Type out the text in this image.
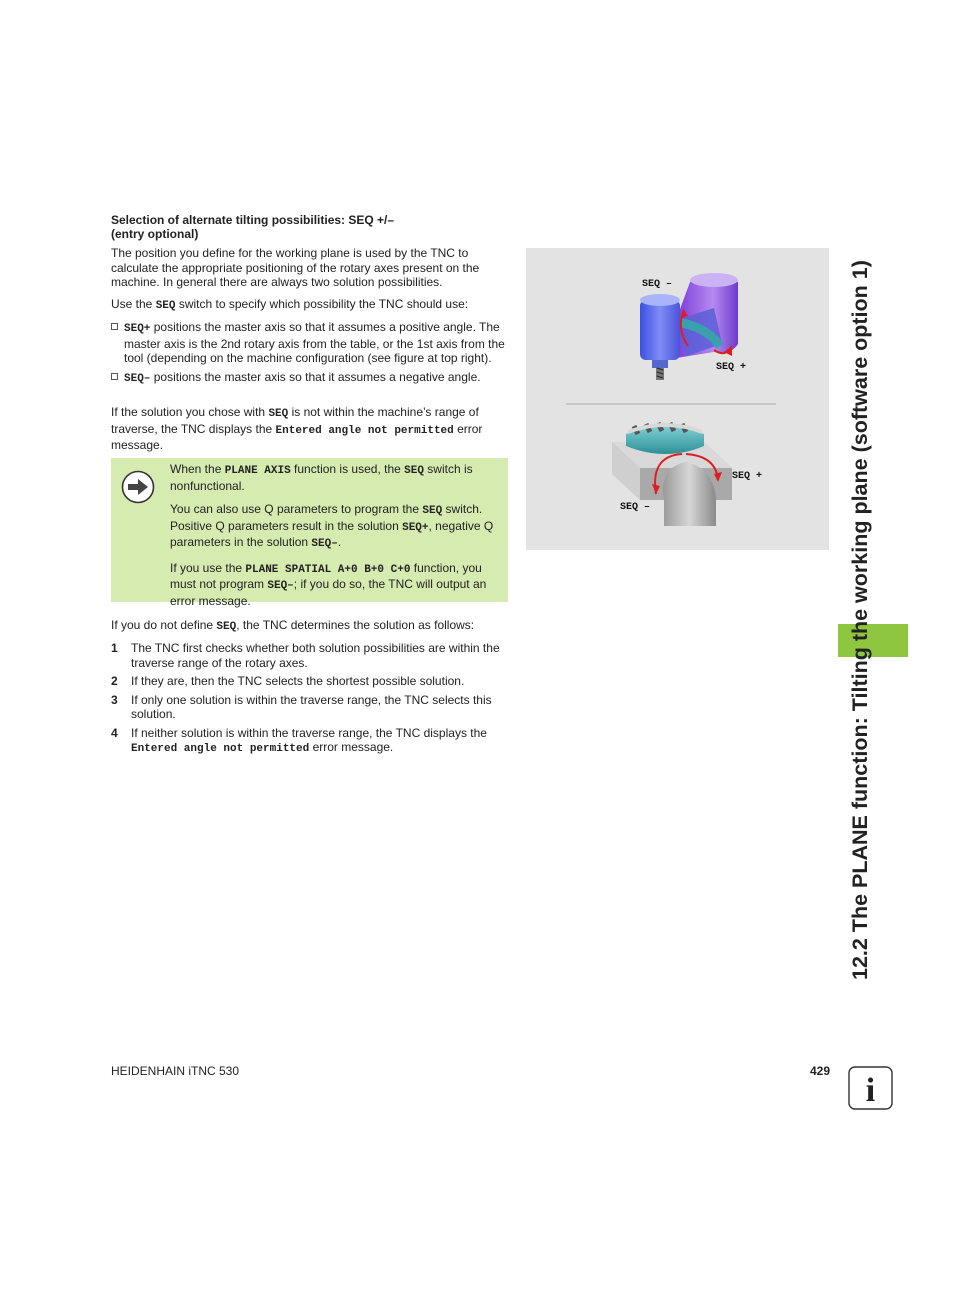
12.2 The PLANE function: Tilting the working plane (software option 1)
Selection of alternate tilting possibilities: SEQ +/–
(entry optional)

The position you define for the working plane is used by the TNC to calculate the appropriate positioning of the rotary axes present on the machine. In general there are always two solution possibilities.

Use the SEQ switch to specify which possibility the TNC should use:

SEQ+ positions the master axis so that it assumes a positive angle. The master axis is the 2nd rotary axis from the table, or the 1st axis from the tool (depending on the machine configuration (see figure at top right).
SEQ– positions the master axis so that it assumes a negative angle.

If the solution you chose with SEQ is not within the machine’s range of traverse, the TNC displays the Entered angle not permitted error message.

When the PLANE AXIS function is used, the SEQ switch is nonfunctional.

You can also use Q parameters to program the SEQ switch. Positive Q parameters result in the solution SEQ+, negative Q parameters in the solution SEQ–.

If you use the PLANE SPATIAL A+0 B+0 C+0 function, you must not program SEQ–; if you do so, the TNC will output an error message.

If you do not define SEQ, the TNC determines the solution as follows:

1 The TNC first checks whether both solution possibilities are within the traverse range of the rotary axes.
2 If they are, then the TNC selects the shortest possible solution.
3 If only one solution is within the traverse range, the TNC selects this solution.
4 If neither solution is within the traverse range, the TNC displays the Entered angle not permitted error message.
SEQ –
SEQ +
SEQ +
SEQ –
HEIDENHAIN iTNC 530	429
i
